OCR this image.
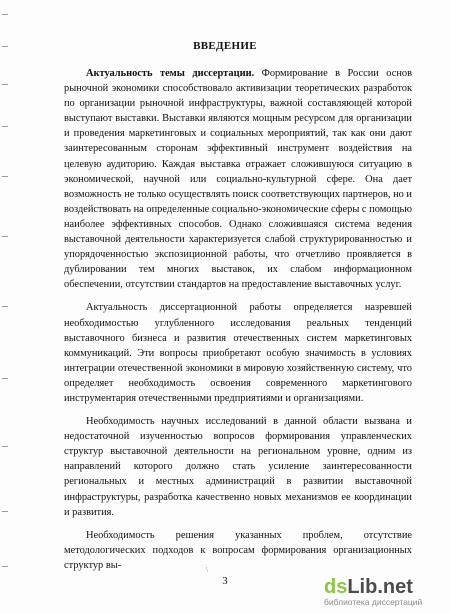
ВВЕДЕНИЕ

Актуальность темы диссертации. Формирование в России основ рыночной экономики способствовало активизации теоретических разработок по организации рыночной инфраструктуры, важной составляющей которой выступают выставки. Выставки являются мощным ресурсом для организации и проведения маркетинговых и социальных мероприятий, так как они дают заинтересованным сторонам эффективный инструмент воздействия на целевую аудиторию. Каждая выставка отражает сложившуюся ситуацию в экономической, научной или социально-культурной сфере. Она дает возможность не только осуществлять поиск соответствующих партнеров, но и воздействовать на определенные социально-экономические сферы с помощью наиболее эффективных способов. Однако сложившаяся система ведения выставочной деятельности характеризуется слабой структурированностью и упорядоченностью экспозиционной работы, что отчетливо проявляется в дублировании тем многих выставок, их слабом информационном обеспечении, отсутствии стандартов на предоставление выставочных услуг.

Актуальность диссертационной работы определяется назревшей необходимостью углубленного исследования реальных тенденций выставочного бизнеса и развития отечественных систем маркетинговых коммуникаций. Эти вопросы приобретают особую значимость в условиях интеграции отечественной экономики в мировую хозяйственную систему, что определяет необходимость освоения современного маркетингового инструментария отечественными предприятиями и организациями.

Необходимость научных исследований в данной области вызвана и недостаточной изученностью вопросов формирования управленческих структур выставочной деятельности на региональном уровне, одним из направлений которого должно стать усиление заинтересованности региональных и местных администраций в развитии выставочной инфраструктуры, разработка качественно новых механизмов ее координации и развития.

Необходимость решения указанных проблем, отсутствие методологических подходов к вопросам формирования организационных структур вы-	\
3	dsLib.net
библиотека диссертаций
